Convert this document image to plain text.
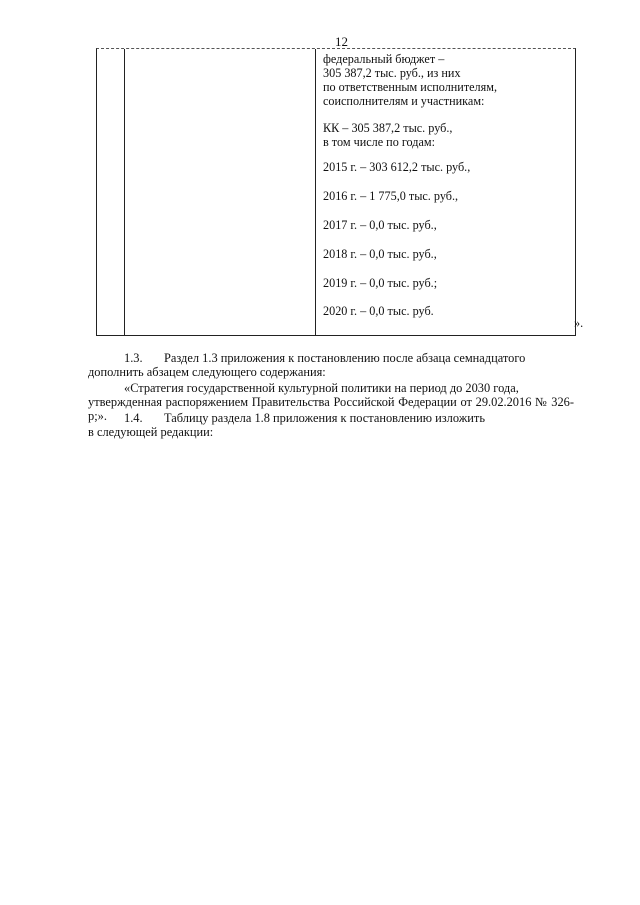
12
федеральный бюджет –
305 387,2 тыс. руб., из них
по ответственным исполнителям,
соисполнителям и участникам:
КК – 305 387,2 тыс. руб.,
в том числе по годам:
2015 г. – 303 612,2 тыс. руб.,
2016 г. – 1 775,0 тыс. руб.,
2017 г. – 0,0 тыс. руб.,
2018 г. – 0,0 тыс. руб.,
2019 г. – 0,0 тыс. руб.;
2020 г. – 0,0 тыс. руб.
».
1.3. Раздел 1.3 приложения к постановлению после абзаца семнадцатого
дополнить абзацем следующего содержания:
«Стратегия государственной культурной политики на период до 2030 года,
утвержденная распоряжением Правительства Российской Федерации от 29.02.2016 № 326-р;».	1.4. Таблицу раздела 1.8 приложения к постановлению изложить
в следующей редакции:
